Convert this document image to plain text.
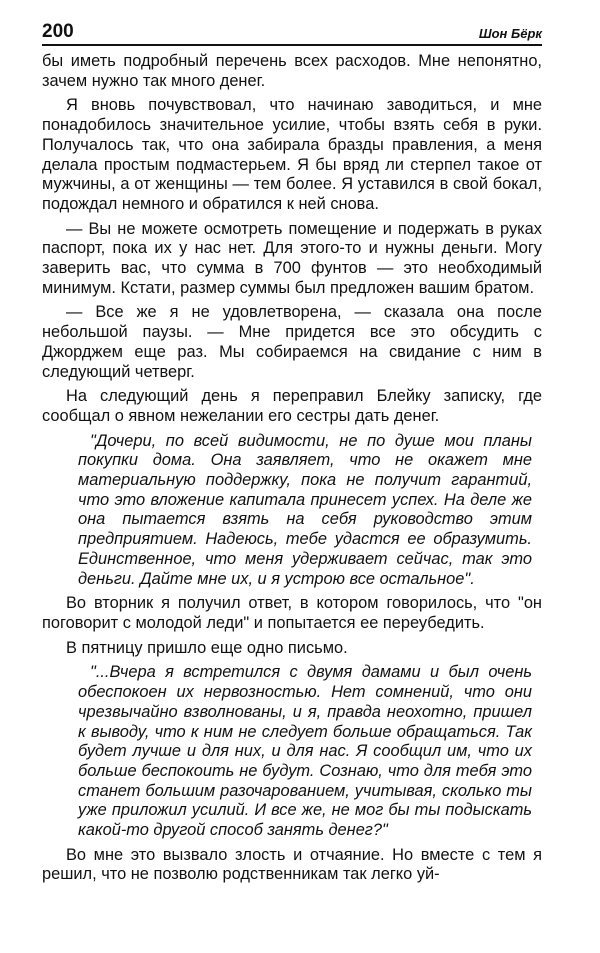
200	Шон Бёрк

бы иметь подробный перечень всех расходов. Мне непонятно, зачем нужно так много денег.

Я вновь почувствовал, что начинаю заводиться, и мне понадобилось значительное усилие, чтобы взять себя в руки. Получалось так, что она забирала бразды правления, а меня делала простым подмастерьем. Я бы вряд ли стерпел такое от мужчины, а от женщины — тем более. Я уставился в свой бокал, подождал немного и обратился к ней снова.

— Вы не можете осмотреть помещение и подержать в руках паспорт, пока их у нас нет. Для этого-то и нужны деньги. Могу заверить вас, что сумма в 700 фунтов — это необходимый минимум. Кстати, размер суммы был предложен вашим братом.

— Все же я не удовлетворена, — сказала она после небольшой паузы. — Мне придется все это обсудить с Джорджем еще раз. Мы собираемся на свидание с ним в следующий четверг.

На следующий день я переправил Блейку записку, где сообщал о явном нежелании его сестры дать денег.

"Дочери, по всей видимости, не по душе мои планы покупки дома. Она заявляет, что не окажет мне материальную поддержку, пока не получит гарантий, что это вложение капитала принесет успех. На деле же она пытается взять на себя руководство этим предприятием. Надеюсь, тебе удастся ее образумить. Единственное, что меня удерживает сейчас, так это деньги. Дайте мне их, и я устрою все остальное".

Во вторник я получил ответ, в котором говорилось, что "он поговорит с молодой леди" и попытается ее переубедить.

В пятницу пришло еще одно письмо.

"...Вчера я встретился с двумя дамами и был очень обеспокоен их нервозностью. Нет сомнений, что они чрезвычайно взволнованы, и я, правда неохотно, пришел к выводу, что к ним не следует больше обращаться. Так будет лучше и для них, и для нас. Я сообщил им, что их больше беспокоить не будут. Сознаю, что для тебя это станет большим разочарованием, учитывая, сколько ты уже приложил усилий. И все же, не мог бы ты подыскать какой-то другой способ занять денег?"

Во мне это вызвало злость и отчаяние. Но вместе с тем я решил, что не позволю родственникам так легко уй-
